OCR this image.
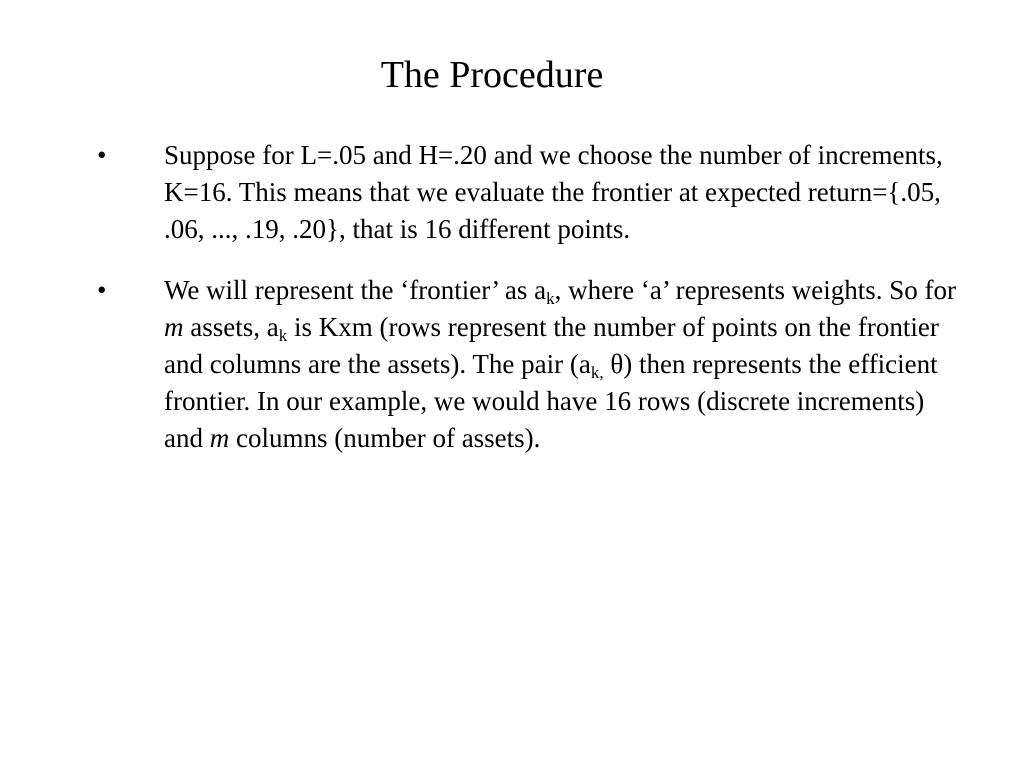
The Procedure
• Suppose for L=.05 and H=.20 and we choose the number of increments, K=16. This means that we evaluate the frontier at expected return={.05, .06, ..., .19, .20}, that is 16 different points.
• We will represent the ‘frontier’ as $a_k$, where ‘a’ represents weights. So for m assets, $a_k$ is Kxm (rows represent the number of points on the frontier and columns are the assets). The pair ($a_{k,}$ θ) then represents the efficient frontier. In our example, we would have 16 rows (discrete increments) and m columns (number of assets).
